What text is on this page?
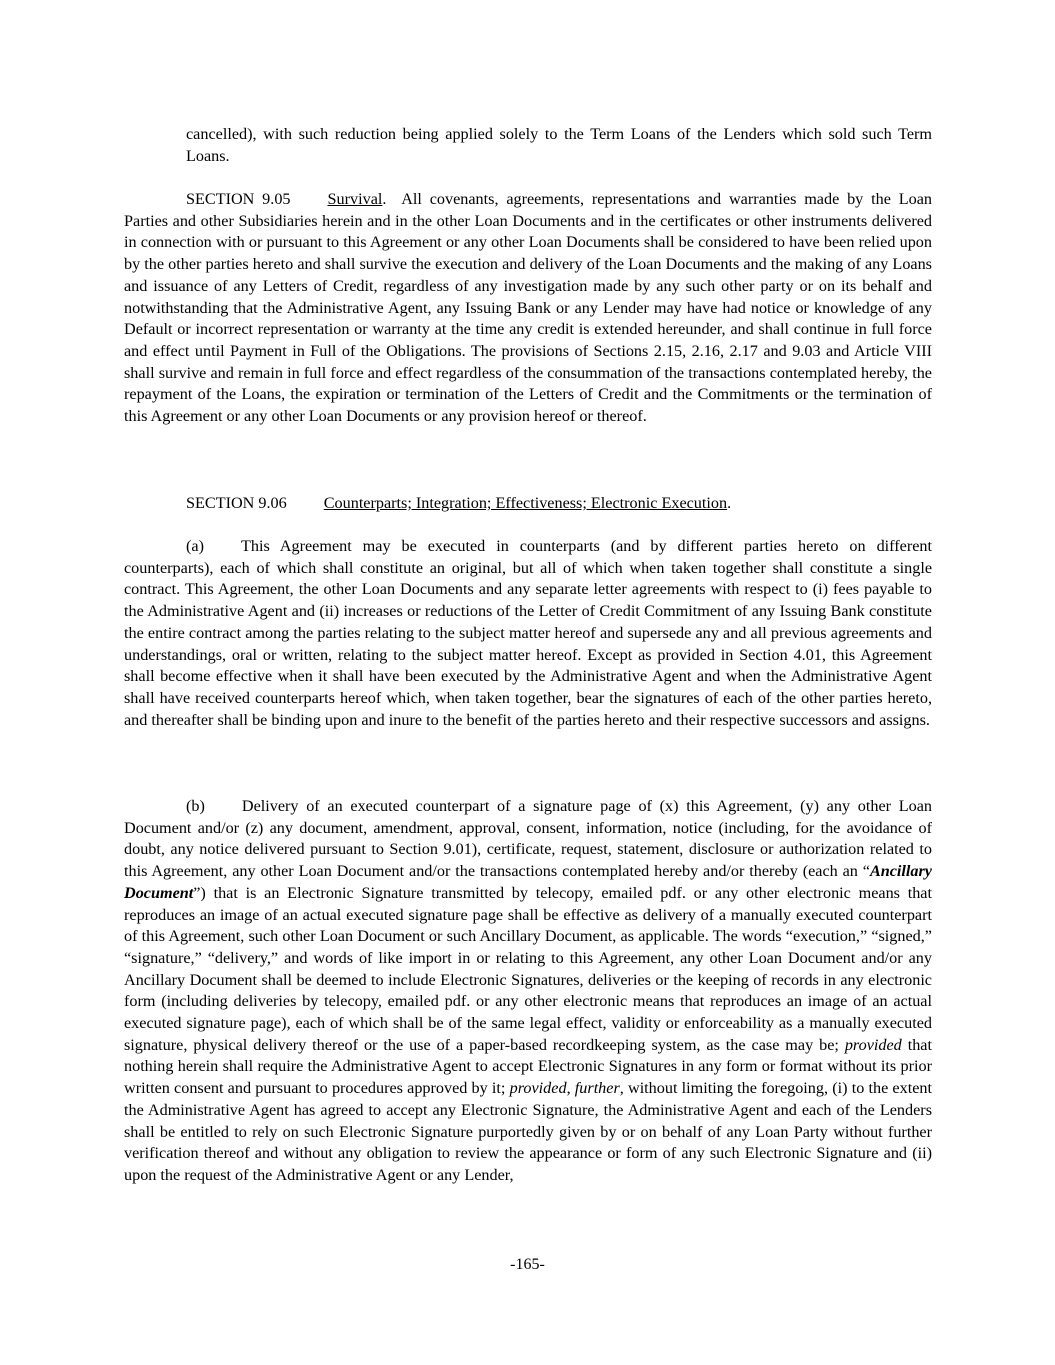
cancelled), with such reduction being applied solely to the Term Loans of the Lenders which sold such Term Loans.

SECTION 9.05 Survival. All covenants, agreements, representations and warranties made by the Loan Parties and other Subsidiaries herein and in the other Loan Documents and in the certificates or other instruments delivered in connection with or pursuant to this Agreement or any other Loan Documents shall be considered to have been relied upon by the other parties hereto and shall survive the execution and delivery of the Loan Documents and the making of any Loans and issuance of any Letters of Credit, regardless of any investigation made by any such other party or on its behalf and notwithstanding that the Administrative Agent, any Issuing Bank or any Lender may have had notice or knowledge of any Default or incorrect representation or warranty at the time any credit is extended hereunder, and shall continue in full force and effect until Payment in Full of the Obligations. The provisions of Sections 2.15, 2.16, 2.17 and 9.03 and Article VIII shall survive and remain in full force and effect regardless of the consummation of the transactions contemplated hereby, the repayment of the Loans, the expiration or termination of the Letters of Credit and the Commitments or the termination of this Agreement or any other Loan Documents or any provision hereof or thereof.

SECTION 9.06 Counterparts; Integration; Effectiveness; Electronic Execution.

(a) This Agreement may be executed in counterparts (and by different parties hereto on different counterparts), each of which shall constitute an original, but all of which when taken together shall constitute a single contract. This Agreement, the other Loan Documents and any separate letter agreements with respect to (i) fees payable to the Administrative Agent and (ii) increases or reductions of the Letter of Credit Commitment of any Issuing Bank constitute the entire contract among the parties relating to the subject matter hereof and supersede any and all previous agreements and understandings, oral or written, relating to the subject matter hereof. Except as provided in Section 4.01, this Agreement shall become effective when it shall have been executed by the Administrative Agent and when the Administrative Agent shall have received counterparts hereof which, when taken together, bear the signatures of each of the other parties hereto, and thereafter shall be binding upon and inure to the benefit of the parties hereto and their respective successors and assigns.

(b) Delivery of an executed counterpart of a signature page of (x) this Agreement, (y) any other Loan Document and/or (z) any document, amendment, approval, consent, information, notice (including, for the avoidance of doubt, any notice delivered pursuant to Section 9.01), certificate, request, statement, disclosure or authorization related to this Agreement, any other Loan Document and/or the transactions contemplated hereby and/or thereby (each an “Ancillary Document”) that is an Electronic Signature transmitted by telecopy, emailed pdf. or any other electronic means that reproduces an image of an actual executed signature page shall be effective as delivery of a manually executed counterpart of this Agreement, such other Loan Document or such Ancillary Document, as applicable. The words “execution,” “signed,” “signature,” “delivery,” and words of like import in or relating to this Agreement, any other Loan Document and/or any Ancillary Document shall be deemed to include Electronic Signatures, deliveries or the keeping of records in any electronic form (including deliveries by telecopy, emailed pdf. or any other electronic means that reproduces an image of an actual executed signature page), each of which shall be of the same legal effect, validity or enforceability as a manually executed signature, physical delivery thereof or the use of a paper-based recordkeeping system, as the case may be; provided that nothing herein shall require the Administrative Agent to accept Electronic Signatures in any form or format without its prior written consent and pursuant to procedures approved by it; provided, further, without limiting the foregoing, (i) to the extent the Administrative Agent has agreed to accept any Electronic Signature, the Administrative Agent and each of the Lenders shall be entitled to rely on such Electronic Signature purportedly given by or on behalf of any Loan Party without further verification thereof and without any obligation to review the appearance or form of any such Electronic Signature and (ii) upon the request of the Administrative Agent or any Lender,

-165-
